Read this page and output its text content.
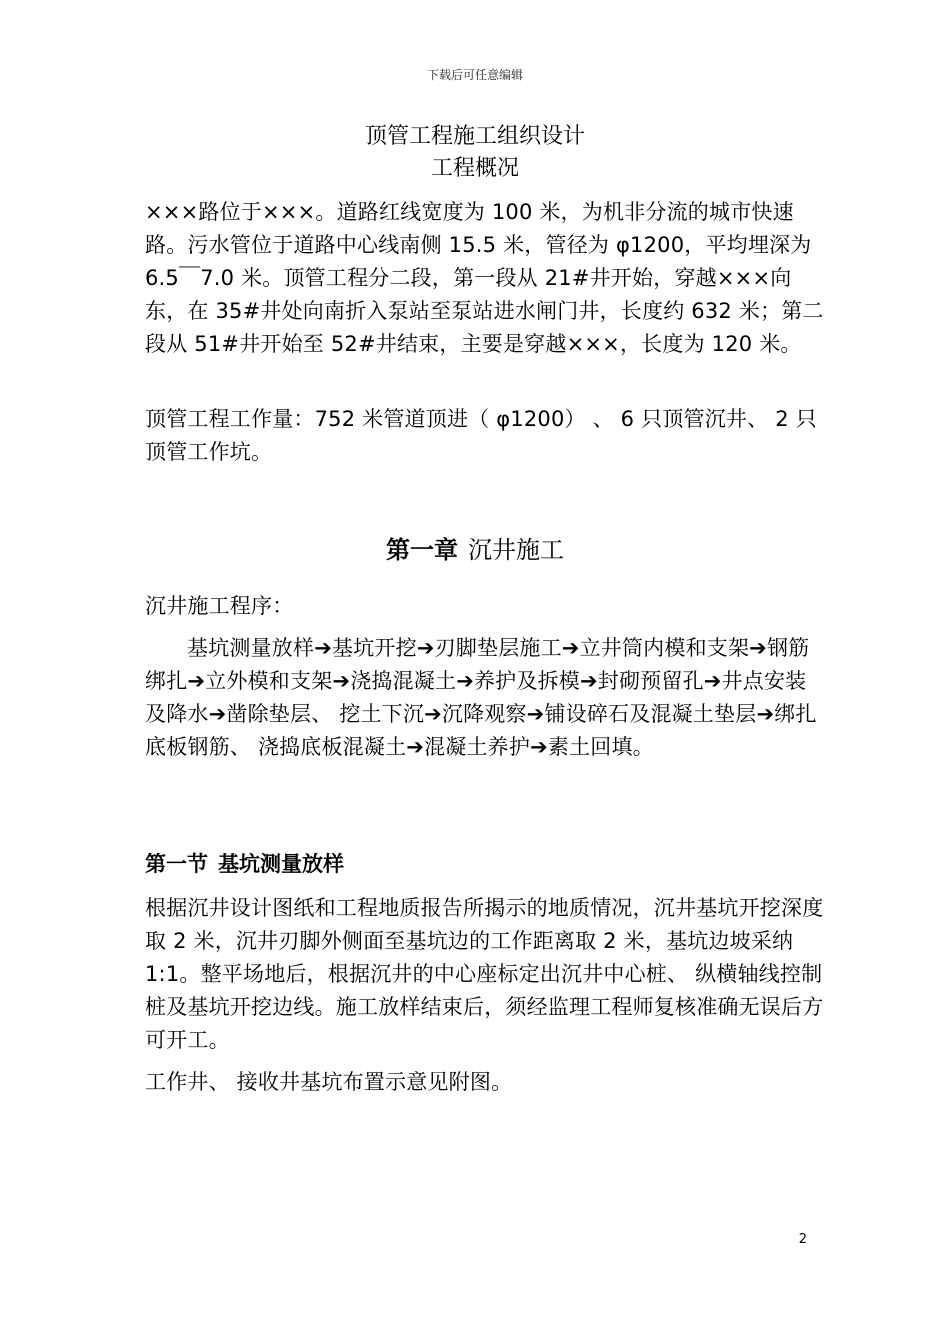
下载后可任意编辑
顶管工程施工组织设计
工程概况

×××路位于×××。道路红线宽度为 100 米，为机非分流的城市快速路。污水管位于道路中心线南侧 15.5 米，管径为 φ1200，平均埋深为 6.5￣7.0 米。顶管工程分二段，第一段从 21#井开始，穿越×××向东，在 35#井处向南折入泵站至泵站进水闸门井，长度约 632 米；第二段从 51#井开始至 52#井结束，主要是穿越×××，长度为 120 米。

顶管工程工作量：752 米管道顶进（ φ1200） 、 6 只顶管沉井、 2 只顶管工作坑。

第一章 沉井施工

沉井施工程序：

基坑测量放样➔基坑开挖➔刃脚垫层施工➔立井筒内模和支架➔钢筋绑扎➔立外模和支架➔浇捣混凝土➔养护及拆模➔封砌预留孔➔井点安装及降水➔凿除垫层、 挖土下沉➔沉降观察➔铺设碎石及混凝土垫层➔绑扎底板钢筋、 浇捣底板混凝土➔混凝土养护➔素土回填。

第一节 基坑测量放样

根据沉井设计图纸和工程地质报告所揭示的地质情况，沉井基坑开挖深度取 2 米，沉井刃脚外侧面至基坑边的工作距离取 2 米，基坑边坡采纳 1:1。整平场地后，根据沉井的中心座标定出沉井中心桩、 纵横轴线控制桩及基坑开挖边线。施工放样结束后，须经监理工程师复核准确无误后方可开工。

工作井、 接收井基坑布置示意见附图。

2
